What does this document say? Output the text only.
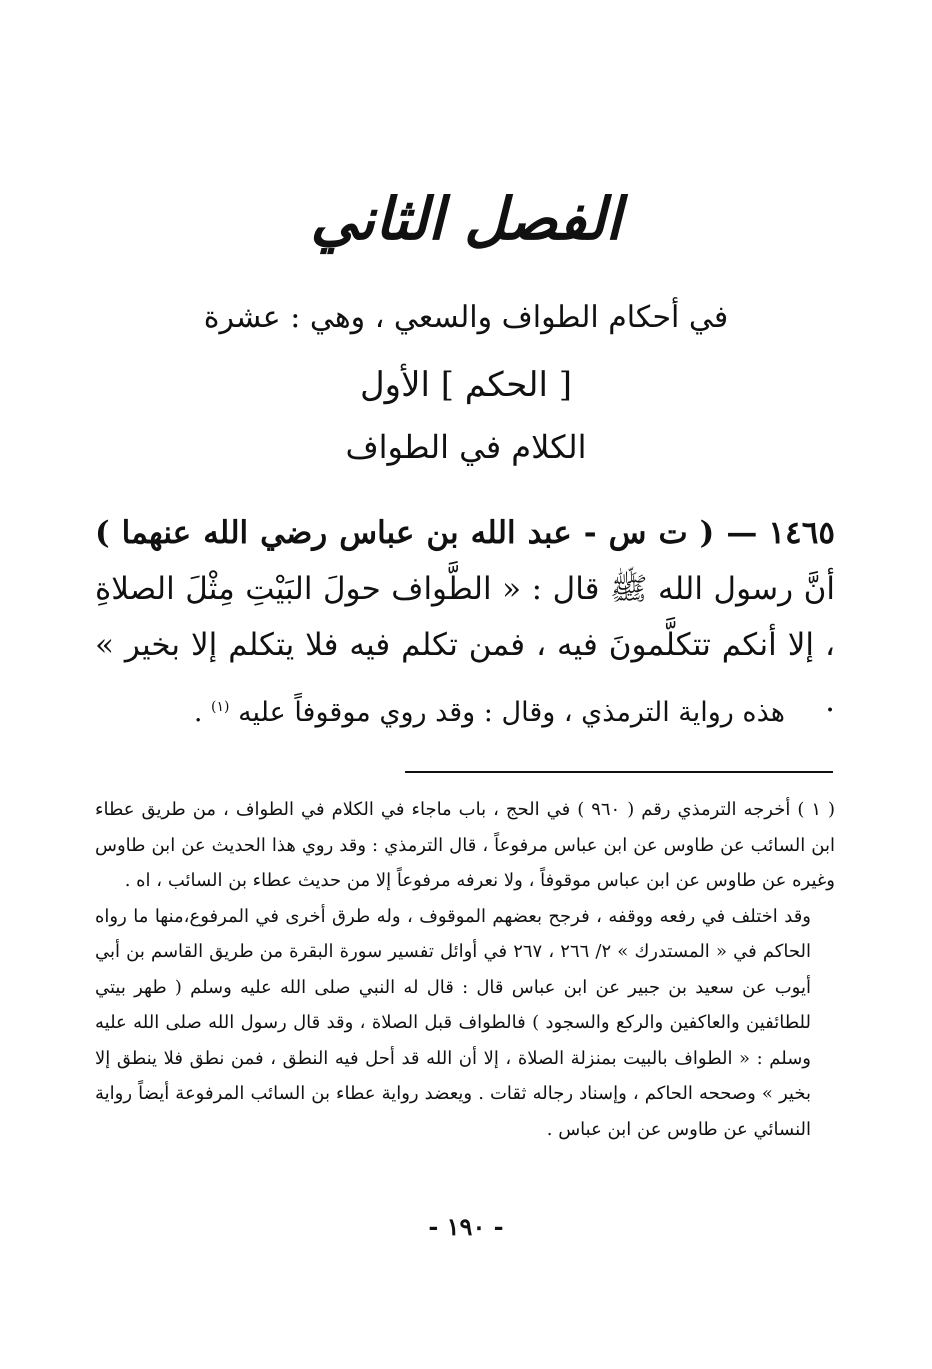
الفصل الثاني
في أحكام الطواف والسعي ، وهي : عشرة
[ الحكم ] الأول
الكلام في الطواف
١٤٦٥ — ( ت س - عبد الله بن عباس رضي الله عنهما ) أنَّ رسول الله ﷺ قال : « الطَّواف حولَ البَيْتِ مِثْلَ الصلاةِ ، إلا أنكم تتكلَّمونَ فيه ، فمن تكلم فيه فلا يتكلم إلا بخير » .
هذه رواية الترمذي ، وقال : وقد روي موقوفاً عليه $^{(١)}$ .

( ١ ) أخرجه الترمذي رقم ( ٩٦٠ ) في الحج ، باب ماجاء في الكلام في الطواف ، من طريق عطاء ابن السائب عن طاوس عن ابن عباس مرفوعاً ، قال الترمذي : وقد روي هذا الحديث عن ابن طاوس وغيره عن طاوس عن ابن عباس موقوفاً ، ولا نعرفه مرفوعاً إلا من حديث عطاء بن السائب ، اه .

وقد اختلف في رفعه ووقفه ، فرجح بعضهم الموقوف ، وله طرق أخرى في المرفوع،منها ما رواه الحاكم في « المستدرك » ٢/ ٢٦٦ ، ٢٦٧ في أوائل تفسير سورة البقرة من طريق القاسم بن أبي أيوب عن سعيد بن جبير عن ابن عباس قال : قال له النبي صلى الله عليه وسلم ( طهر بيتي للطائفين والعاكفين والركع والسجود ) فالطواف قبل الصلاة ، وقد قال رسول الله صلى الله عليه وسلم : « الطواف بالبيت بمنزلة الصلاة ، إلا أن الله قد أحل فيه النطق ، فمن نطق فلا ينطق إلا بخير » وصححه الحاكم ، وإسناد رجاله ثقات . ويعضد رواية عطاء بن السائب المرفوعة أيضاً رواية النسائي عن طاوس عن ابن عباس .

- ١٩٠ -
